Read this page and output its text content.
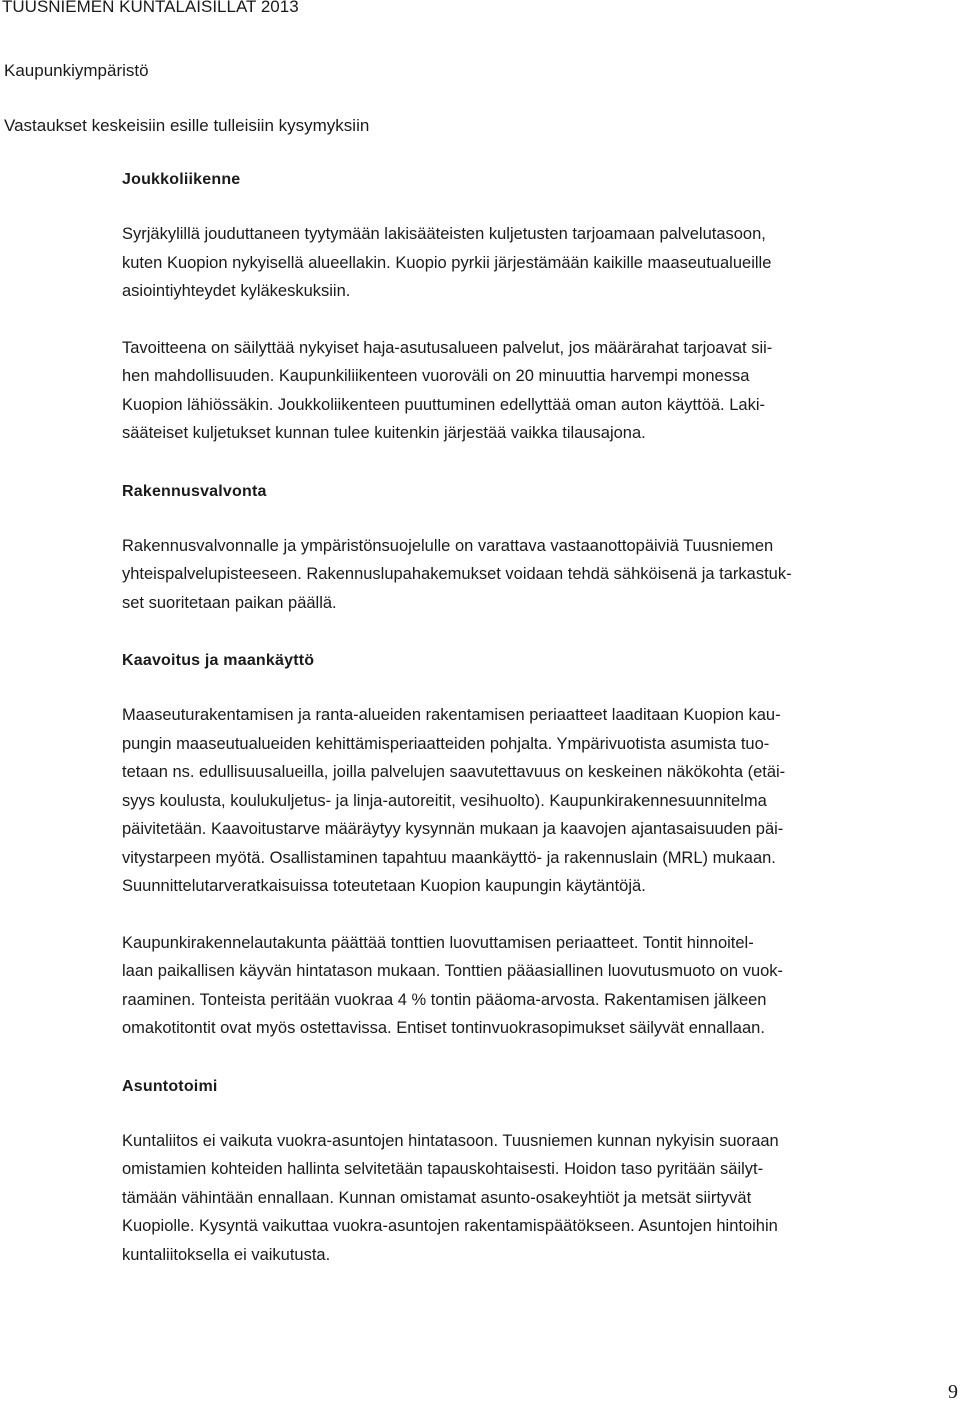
TUUSNIEMEN KUNTALAISILLAT 2013
Kaupunkiympäristö
Vastaukset keskeisiin esille tulleisiin kysymyksiin

Joukkoliikenne

Syrjäkylillä jouduttaneen tyytymään lakisääteisten kuljetusten tarjoamaan palvelutasoon,
kuten Kuopion nykyisellä alueellakin. Kuopio pyrkii järjestämään kaikille maaseutualueille
asiointiyhteydet kyläkeskuksiin.

Tavoitteena on säilyttää nykyiset haja-asutusalueen palvelut, jos määrärahat tarjoavat sii-
hen mahdollisuuden. Kaupunkiliikenteen vuoroväli on 20 minuuttia harvempi monessa
Kuopion lähiössäkin. Joukkoliikenteen puuttuminen edellyttää oman auton käyttöä. Laki-
sääteiset kuljetukset kunnan tulee kuitenkin järjestää vaikka tilausajona.

Rakennusvalvonta

Rakennusvalvonnalle ja ympäristönsuojelulle on varattava vastaanottopäiviä Tuusniemen
yhteispalvelupisteeseen. Rakennuslupahakemukset voidaan tehdä sähköisenä ja tarkastuk-
set suoritetaan paikan päällä.

Kaavoitus ja maankäyttö

Maaseuturakentamisen ja ranta-alueiden rakentamisen periaatteet laaditaan Kuopion kau-
pungin maaseutualueiden kehittämisperiaatteiden pohjalta. Ympärivuotista asumista tuo-
tetaan ns. edullisuusalueilla, joilla palvelujen saavutettavuus on keskeinen näkökohta (etäi-
syys koulusta, koulukuljetus- ja linja-autoreitit, vesihuolto). Kaupunkirakennesuunnitelma
päivitetään. Kaavoitustarve määräytyy kysynnän mukaan ja kaavojen ajantasaisuuden päi-
vitystarpeen myötä. Osallistaminen tapahtuu maankäyttö- ja rakennuslain (MRL) mukaan.
Suunnittelutarveratkaisuissa toteutetaan Kuopion kaupungin käytäntöjä.

Kaupunkirakennelautakunta päättää tonttien luovuttamisen periaatteet. Tontit hinnoitel-
laan paikallisen käyvän hintatason mukaan. Tonttien pääasiallinen luovutusmuoto on vuok-
raaminen. Tonteista peritään vuokraa 4 % tontin pääoma-arvosta. Rakentamisen jälkeen
omakotitontit ovat myös ostettavissa. Entiset tontinvuokrasopimukset säilyvät ennallaan.

Asuntotoimi

Kuntaliitos ei vaikuta vuokra-asuntojen hintatasoon. Tuusniemen kunnan nykyisin suoraan
omistamien kohteiden hallinta selvitetään tapauskohtaisesti. Hoidon taso pyritään säilyt-
tämään vähintään ennallaan. Kunnan omistamat asunto-osakeyhtiöt ja metsät siirtyvät
Kuopiolle. Kysyntä vaikuttaa vuokra-asuntojen rakentamispäätökseen. Asuntojen hintoihin
kuntaliitoksella ei vaikutusta.

9
